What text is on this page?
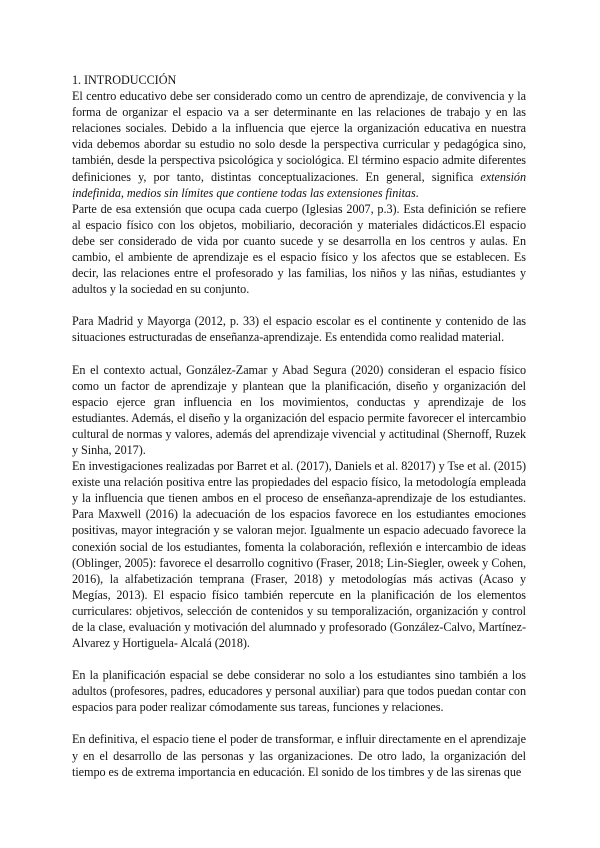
1. INTRODUCCIÓN

El centro educativo debe ser considerado como un centro de aprendizaje, de convivencia y la forma de organizar el espacio va a ser determinante en las relaciones de trabajo y en las relaciones sociales. Debido a la influencia que ejerce la organización educativa en nuestra vida debemos abordar su estudio no solo desde la perspectiva curricular y pedagógica sino, también, desde la perspectiva psicológica y sociológica. El término espacio admite diferentes definiciones y, por tanto, distintas conceptualizaciones. En general, significa extensión indefinida, medios sin límites que contiene todas las extensiones finitas.

Parte de esa extensión que ocupa cada cuerpo (Iglesias 2007, p.3). Esta definición se refiere al espacio físico con los objetos, mobiliario, decoración y materiales didácticos.El espacio debe ser considerado de vida por cuanto sucede y se desarrolla en los centros y aulas. En cambio, el ambiente de aprendizaje es el espacio físico y los afectos que se establecen. Es decir, las relaciones entre el profesorado y las familias, los niños y las niñas, estudiantes y adultos y la sociedad en su conjunto.

Para Madrid y Mayorga (2012, p. 33) el espacio escolar es el continente y contenido de las situaciones estructuradas de enseñanza-aprendizaje. Es entendida como realidad material.

En el contexto actual, González-Zamar y Abad Segura (2020) consideran el espacio físico como un factor de aprendizaje y plantean que la planificación, diseño y organización del espacio ejerce gran influencia en los movimientos, conductas y aprendizaje de los estudiantes. Además, el diseño y la organización del espacio permite favorecer el intercambio cultural de normas y valores, además del aprendizaje vivencial y actitudinal (Shernoff, Ruzek y Sinha, 2017).

En investigaciones realizadas por Barret et al. (2017), Daniels et al. 82017) y Tse et al. (2015) existe una relación positiva entre las propiedades del espacio físico, la metodología empleada y la influencia que tienen ambos en el proceso de enseñanza-aprendizaje de los estudiantes. Para Maxwell (2016) la adecuación de los espacios favorece en los estudiantes emociones positivas, mayor integración y se valoran mejor. Igualmente un espacio adecuado favorece la conexión social de los estudiantes, fomenta la colaboración, reflexión e intercambio de ideas (Oblinger, 2005): favorece el desarrollo cognitivo (Fraser, 2018; Lin-Siegler, oweek y Cohen, 2016), la alfabetización temprana (Fraser, 2018) y metodologías más activas (Acaso y Megías, 2013). El espacio físico también repercute en la planificación de los elementos curriculares: objetivos, selección de contenidos y su temporalización, organización y control de la clase, evaluación y motivación del alumnado y profesorado (González-Calvo, Martínez-Alvarez y Hortiguela- Alcalá (2018).

En la planificación espacial se debe considerar no solo a los estudiantes sino también a los adultos (profesores, padres, educadores y personal auxiliar) para que todos puedan contar con espacios para poder realizar cómodamente sus tareas, funciones y relaciones.

En definitiva, el espacio tiene el poder de transformar, e influir directamente en el aprendizaje y en el desarrollo de las personas y las organizaciones. De otro lado, la organización del tiempo es de extrema importancia en educación. El sonido de los timbres y de las sirenas que
